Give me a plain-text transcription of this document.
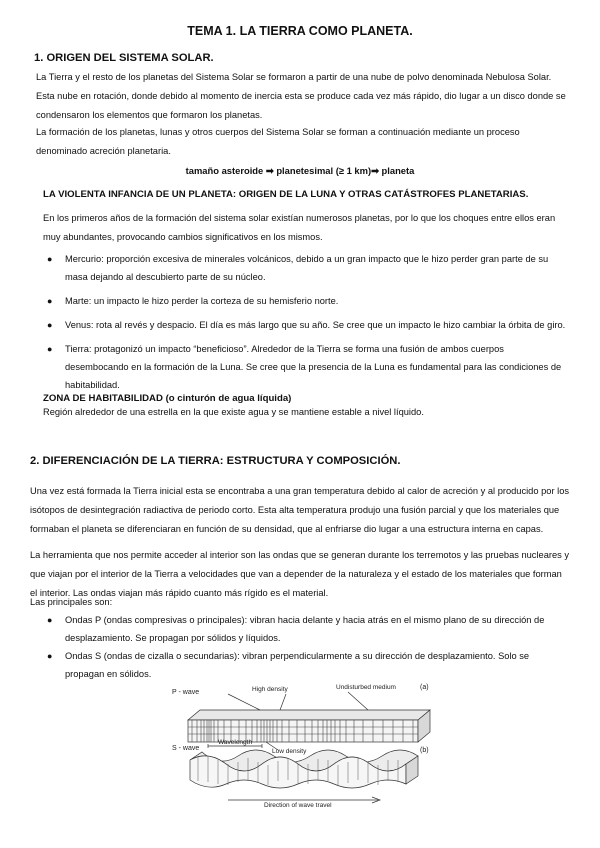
TEMA 1. LA TIERRA COMO PLANETA.
1. ORIGEN DEL SISTEMA SOLAR.

La Tierra y el resto de los planetas del Sistema Solar se formaron a partir de una nube de polvo denominada Nebulosa Solar. Esta nube en rotación, donde debido al momento de inercia esta se produce cada vez más rápido, dio lugar a un disco donde se condensaron los elementos que formaron los planetas.

La formación de los planetas, lunas y otros cuerpos del Sistema Solar se forman a continuación mediante un proceso denominado acreción planetaria.

tamaño asteroide ➡ planetesimal (≥ 1 km)➡ planeta

LA VIOLENTA INFANCIA DE UN PLANETA: ORIGEN DE LA LUNA Y OTRAS CATÁSTROFES PLANETARIAS.

En los primeros años de la formación del sistema solar existían numerosos planetas, por lo que los choques entre ellos eran muy abundantes, provocando cambios significativos en los mismos.

● Mercurio: proporción excesiva de minerales volcánicos, debido a un gran impacto que le hizo perder gran parte de su masa dejando al descubierto parte de su núcleo.
● Marte: un impacto le hizo perder la corteza de su hemisferio norte.
● Venus: rota al revés y despacio. El día es más largo que su año. Se cree que un impacto le hizo cambiar la órbita de giro.
● Tierra: protagonizó un impacto “beneficioso”. Alrededor de la Tierra se forma una fusión de ambos cuerpos desembocando en la formación de la Luna. Se cree que la presencia de la Luna es fundamental para las condiciones de habitabilidad.
ZONA DE HABITABILIDAD (o cinturón de agua líquida)

Región alrededor de una estrella en la que existe agua y se mantiene estable a nivel líquido.

2. DIFERENCIACIÓN DE LA TIERRA: ESTRUCTURA Y COMPOSICIÓN.

Una vez está formada la Tierra inicial esta se encontraba a una gran temperatura debido al calor de acreción y al producido por los isótopos de desintegración radiactiva de periodo corto. Esta alta temperatura produjo una fusión parcial y que los materiales que formaban el planeta se diferenciaran en función de su densidad, que al enfriarse dio lugar a una estructura interna en capas.

La herramienta que nos permite acceder al interior son las ondas que se generan durante los terremotos y las pruebas nucleares y que viajan por el interior de la Tierra a velocidades que van a depender de la naturaleza y el estado de los materiales que forman el interior. Las ondas viajan más rápido cuanto más rígido es el material.

Las principales son:

● Ondas P (ondas compresivas o principales): vibran hacia delante y hacia atrás en el mismo plano de su dirección de desplazamiento. Se propagan por sólidos y líquidos.
● Ondas S (ondas de cizalla o secundarias): vibran perpendicularmente a su dirección de desplazamiento. Solo se propagan en sólidos.
P - wave	High density	Undisturbed medium
Low density
(a)
S - wave
Wavelength
Direction of wave travel
(b)
